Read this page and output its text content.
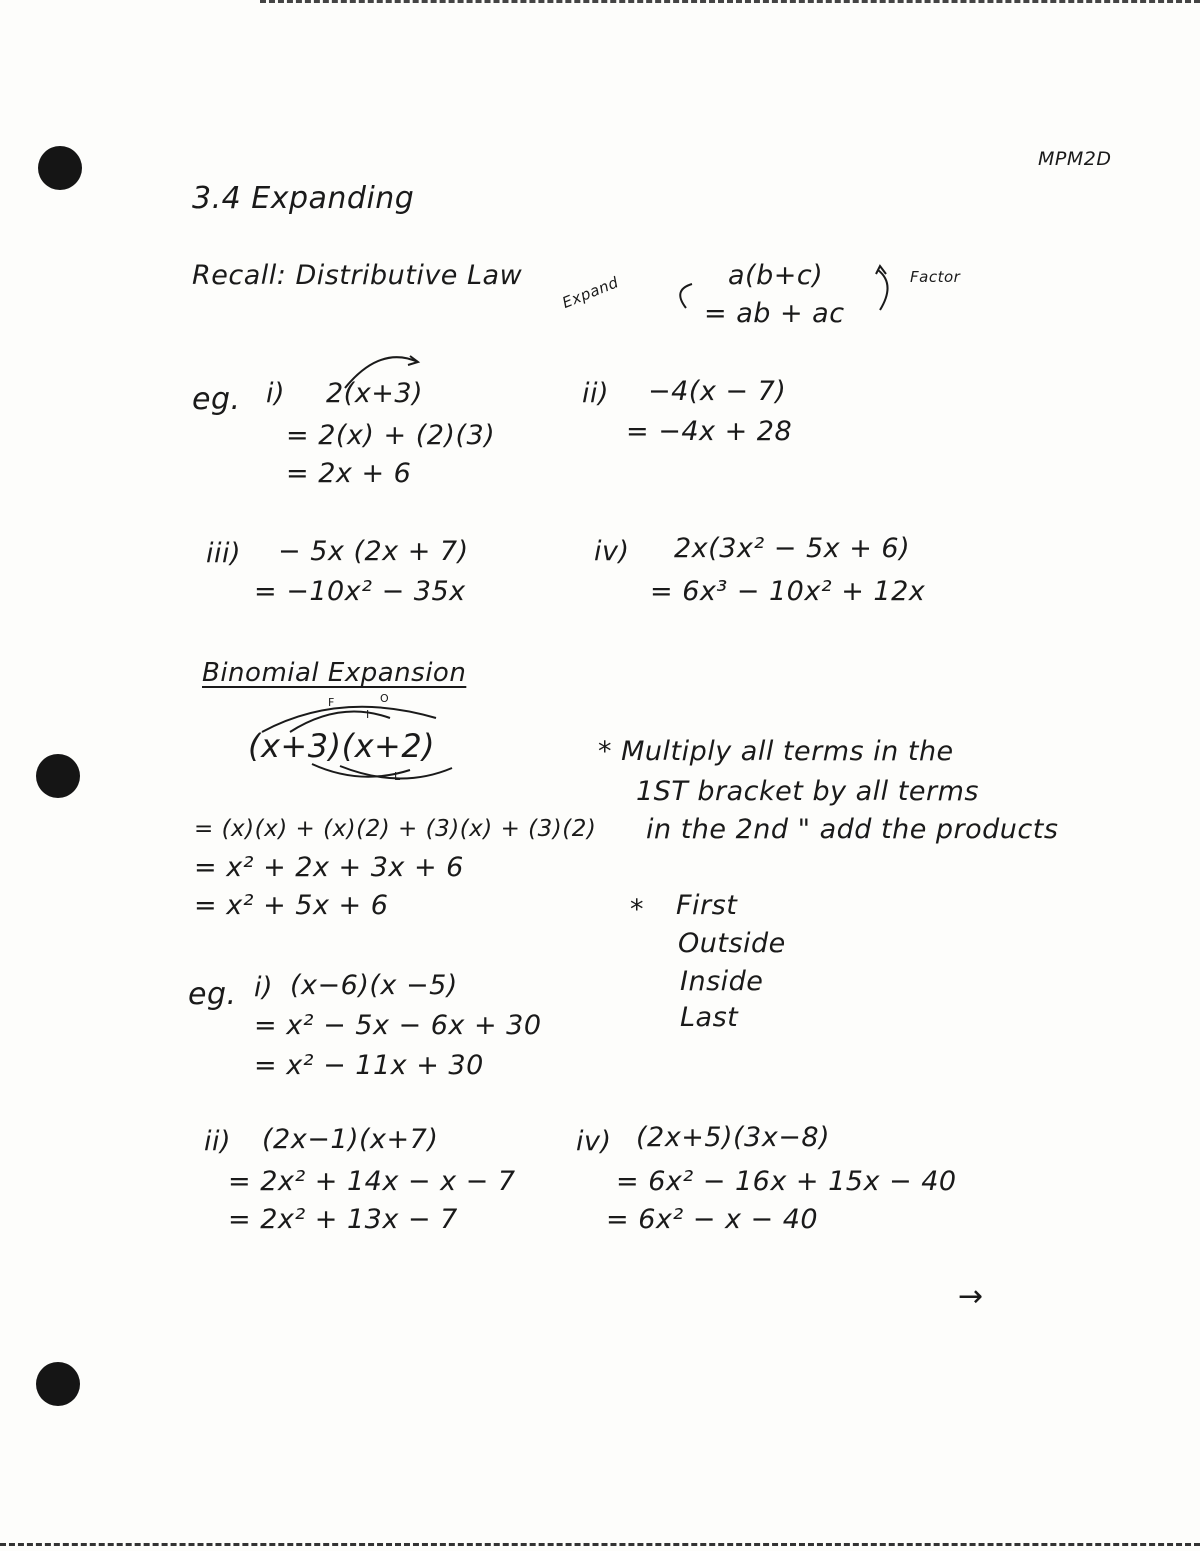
MPM2D
3.4 Expanding
Recall: Distributive Law Expand	a(b+c)
= ab + ac
Factor
eg. i) 2(x+3)
= 2(x) + (2)(3)
= 2x + 6
ii) −4(x − 7)
= −4x + 28
iii) − 5x (2x + 7)
= −10x² − 35x
iv) 2x(3x² − 5x + 6)
= 6x³ − 10x² + 12x
Binomial Expansion
(x+3)(x+2)
= (x)(x) + (x)(2) + (3)(x) + (3)(2)
= x² + 2x + 3x + 6
= x² + 5x + 6
* Multiply all terms in the
1ST bracket by all terms
in the 2nd " add the products
* First
Outside
Inside
Last
eg. i) (x−6)(x −5)
= x² − 5x − 6x + 30
= x² − 11x + 30
ii) (2x−1)(x+7)
= 2x² + 14x − x − 7
= 2x² + 13x − 7
iv) (2x+5)(3x−8)
= 6x² − 16x + 15x − 40
= 6x² − x − 40
→
F	O
I
L
